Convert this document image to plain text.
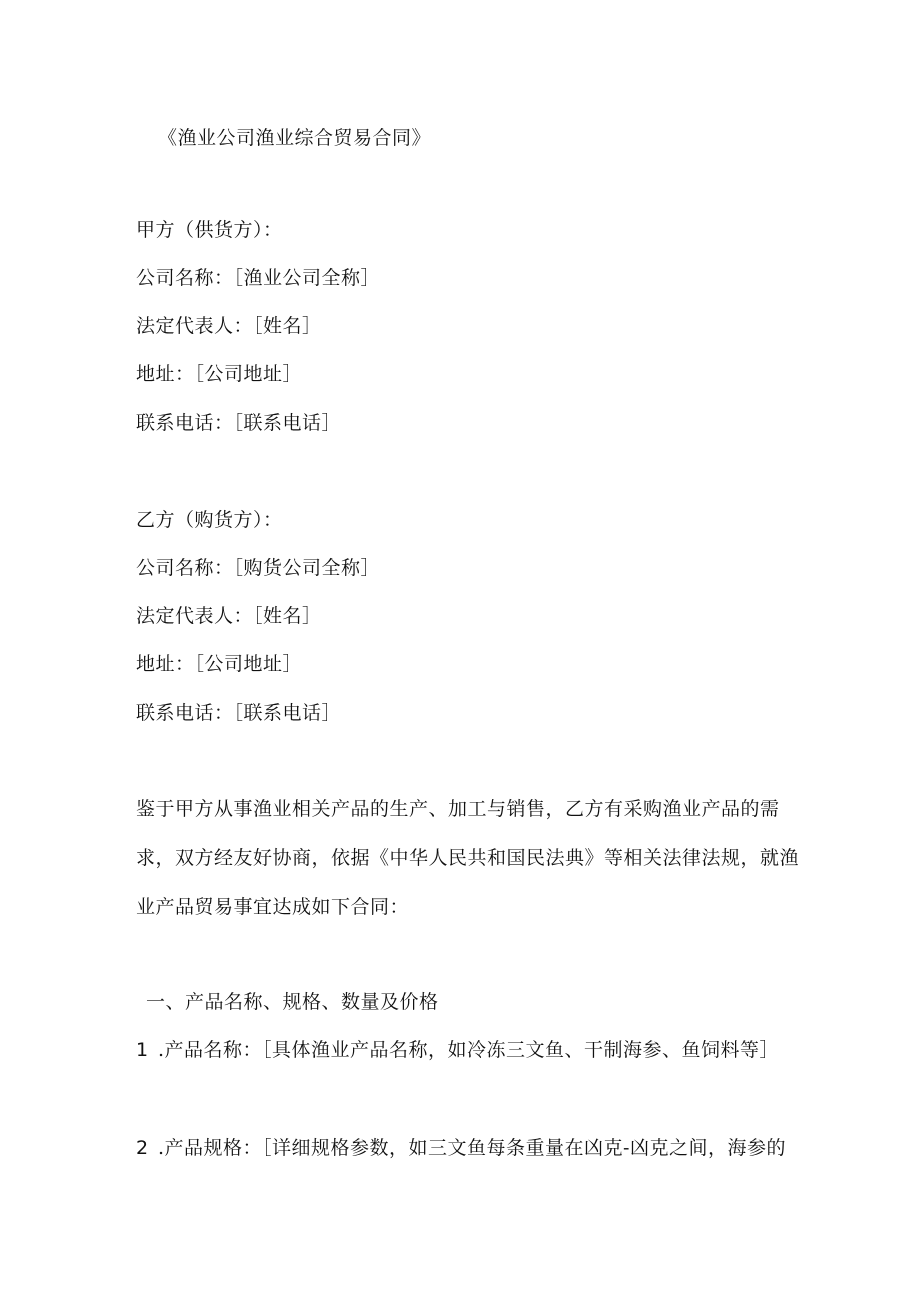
《渔业公司渔业综合贸易合同》
甲方（供货方）：
公司名称：［渔业公司全称］
法定代表人：［姓名］
地址：［公司地址］
联系电话：［联系电话］
乙方（购货方）：
公司名称：［购货公司全称］
法定代表人：［姓名］
地址：［公司地址］
联系电话：［联系电话］
鉴于甲方从事渔业相关产品的生产、加工与销售，乙方有采购渔业产品的需
求，双方经友好协商，依据《中华人民共和国民法典》等相关法律法规，就渔
业产品贸易事宜达成如下合同：
一、产品名称、规格、数量及价格
1 .产品名称：［具体渔业产品名称，如冷冻三文鱼、干制海参、鱼饲料等］
2 .产品规格：［详细规格参数，如三文鱼每条重量在凶克-凶克之间，海参的
